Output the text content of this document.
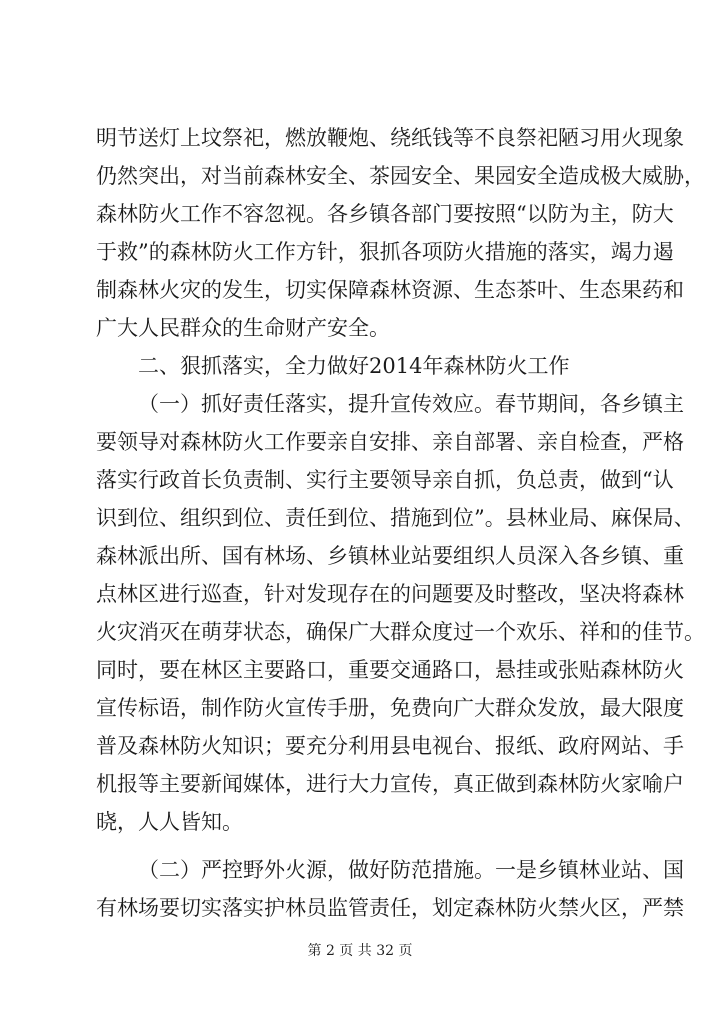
明节送灯上坟祭祀，燃放鞭炮、绕纸钱等不良祭祀陋习用火现象
仍然突出，对当前森林安全、茶园安全、果园安全造成极大威胁，
森林防火工作不容忽视。各乡镇各部门要按照“以防为主，防大
于救”的森林防火工作方针，狠抓各项防火措施的落实，竭力遏
制森林火灾的发生，切实保障森林资源、生态茶叶、生态果药和
广大人民群众的生命财产安全。
二、狠抓落实，全力做好2014年森林防火工作
（一）抓好责任落实，提升宣传效应。春节期间，各乡镇主
要领导对森林防火工作要亲自安排、亲自部署、亲自检查，严格
落实行政首长负责制、实行主要领导亲自抓，负总责，做到“认
识到位、组织到位、责任到位、措施到位”。县林业局、麻保局、
森林派出所、国有林场、乡镇林业站要组织人员深入各乡镇、重
点林区进行巡查，针对发现存在的问题要及时整改，坚决将森林
火灾消灭在萌芽状态，确保广大群众度过一个欢乐、祥和的佳节。
同时，要在林区主要路口，重要交通路口，悬挂或张贴森林防火
宣传标语，制作防火宣传手册，免费向广大群众发放，最大限度
普及森林防火知识；要充分利用县电视台、报纸、政府网站、手
机报等主要新闻媒体，进行大力宣传，真正做到森林防火家喻户
晓，人人皆知。
（二）严控野外火源，做好防范措施。一是乡镇林业站、国
第 2 页 共 32 页
有林场要切实落实护林员监管责任，划定森林防火禁火区，严禁
